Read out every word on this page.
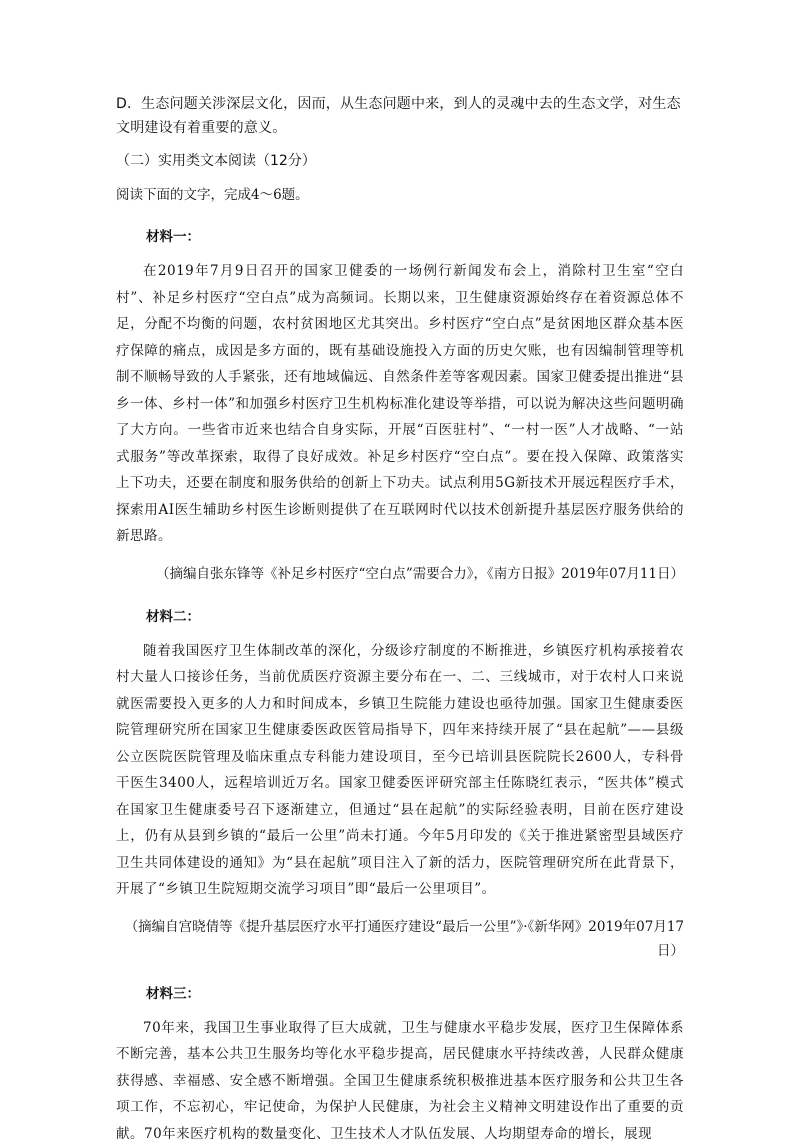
D．生态问题关涉深层文化，因而，从生态问题中来，到人的灵魂中去的生态文学，对生态文明建设有着重要的意义。

（二）实用类文本阅读（12分）

阅读下面的文字，完成4～6题。

材料一：

在2019年7月9日召开的国家卫健委的一场例行新闻发布会上，消除村卫生室“空白村”、补足乡村医疗“空白点”成为高频词。长期以来，卫生健康资源始终存在着资源总体不足，分配不均衡的问题，农村贫困地区尤其突出。乡村医疗“空白点”是贫困地区群众基本医疗保障的痛点，成因是多方面的，既有基础设施投入方面的历史欠账，也有因编制管理等机制不顺畅导致的人手紧张，还有地域偏远、自然条件差等客观因素。国家卫健委提出推进“县乡一体、乡村一体”和加强乡村医疗卫生机构标准化建设等举措，可以说为解决这些问题明确了大方向。一些省市近来也结合自身实际，开展“百医驻村”、“一村一医”人才战略、“一站式服务”等改革探索，取得了良好成效。补足乡村医疗“空白点”。要在投入保障、政策落实上下功夫，还要在制度和服务供给的创新上下功夫。试点利用5G新技术开展远程医疗手术，探索用AI医生辅助乡村医生诊断则提供了在互联网时代以技术创新提升基层医疗服务供给的新思路。

（摘编自张东锋等《补足乡村医疗“空白点”需要合力》，《南方日报》2019年07月11日）

材料二：

随着我国医疗卫生体制改革的深化，分级诊疗制度的不断推进，乡镇医疗机构承接着农村大量人口接诊任务，当前优质医疗资源主要分布在一、二、三线城市，对于农村人口来说就医需要投入更多的人力和时间成本，乡镇卫生院能力建设也亟待加强。国家卫生健康委医院管理研究所在国家卫生健康委医政医管局指导下，四年来持续开展了“县在起航”——县级公立医院医院管理及临床重点专科能力建设项目，至今已培训县医院院长2600人，专科骨干医生3400人，远程培训近万名。国家卫健委医评研究部主任陈晓红表示，“医共体”模式在国家卫生健康委号召下逐渐建立，但通过“县在起航”的实际经验表明，目前在医疗建设上，仍有从县到乡镇的“最后一公里”尚未打通。今年5月印发的《关于推进紧密型县域医疗卫生共同体建设的通知》为“县在起航”项目注入了新的活力，医院管理研究所在此背景下，开展了“乡镇卫生院短期交流学习项目”即“最后一公里项目”。

（摘编自宫晓倩等《提升基层医疗水平打通医疗建设“最后一公里”》·《新华网》2019年07月17日）

材料三：

70年来，我国卫生事业取得了巨大成就，卫生与健康水平稳步发展，医疗卫生保障体系不断完善，基本公共卫生服务均等化水平稳步提高，居民健康水平持续改善，人民群众健康获得感、幸福感、安全感不断增强。全国卫生健康系统积极推进基本医疗服务和公共卫生各项工作，不忘初心，牢记使命，为保护人民健康，为社会主义精神文明建设作出了重要的贡献。70年来医疗机构的数量变化、卫生技术人才队伍发展、人均期望寿命的增长，展现
